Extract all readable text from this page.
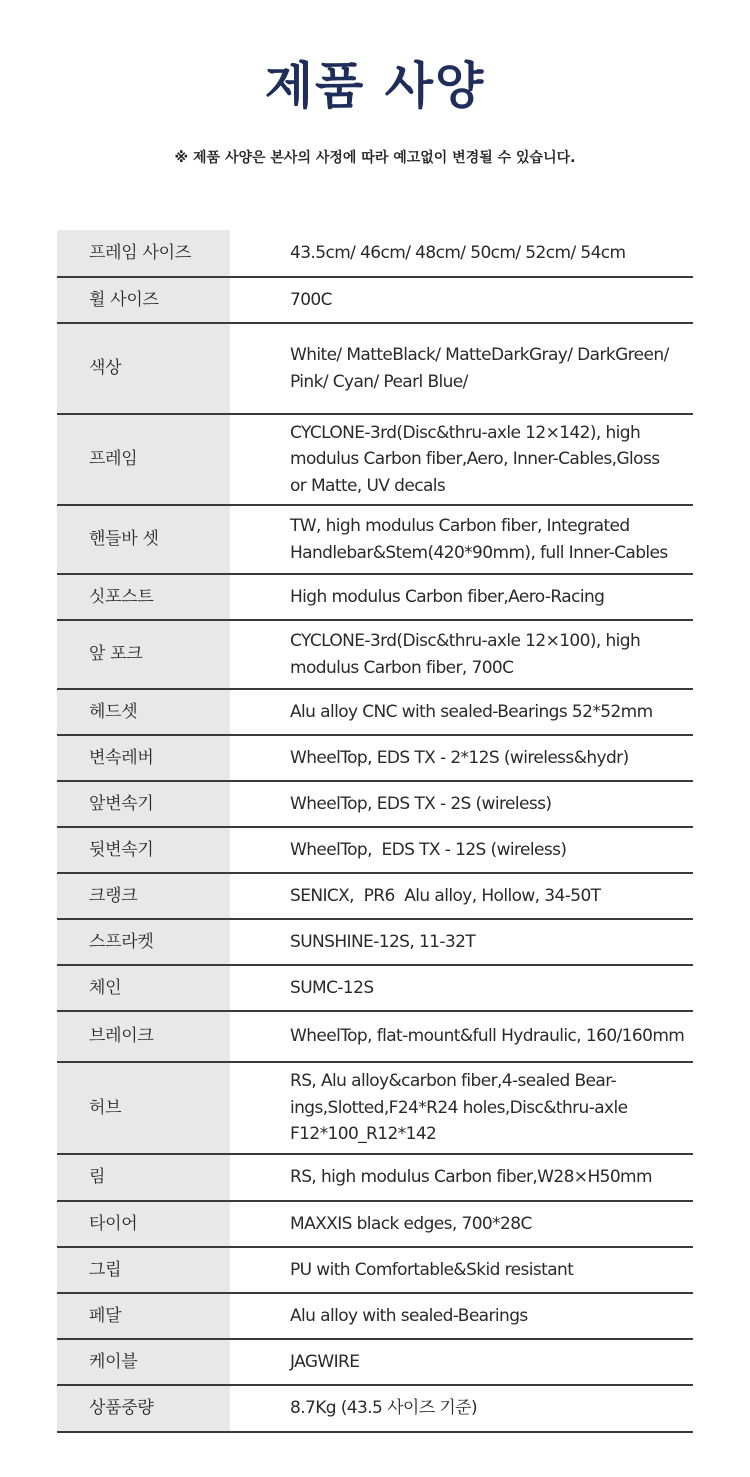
제품 사양
※ 제품 사양은 본사의 사정에 따라 예고없이 변경될 수 있습니다.
프레임 사이즈	43.5cm/ 46cm/ 48cm/ 50cm/ 52cm/ 54cm

휠 사이즈	700C

색상	White/ MatteBlack/ MatteDarkGray/ DarkGreen/
Pink/ Cyan/ Pearl Blue/

프레임	CYCLONE-3rd(Disc&thru-axle 12×142), high
modulus Carbon fiber,Aero, Inner-Cables,Gloss
or Matte, UV decals

핸들바 셋	TW, high modulus Carbon fiber, Integrated
Handlebar&Stem(420*90mm), full Inner-Cables

싯포스트	High modulus Carbon fiber,Aero-Racing

앞 포크	CYCLONE-3rd(Disc&thru-axle 12×100), high
modulus Carbon fiber, 700C

헤드셋	Alu alloy CNC with sealed-Bearings 52*52mm

변속레버	WheelTop, EDS TX - 2*12S (wireless&hydr)

앞변속기	WheelTop, EDS TX - 2S (wireless)

뒷변속기	WheelTop,  EDS TX - 12S (wireless)

크랭크	SENICX,  PR6  Alu alloy, Hollow, 34-50T

스프라켓	SUNSHINE-12S, 11-32T

체인	SUMC-12S

브레이크	WheelTop, flat-mount&full Hydraulic, 160/160mm

허브	RS, Alu alloy&carbon fiber,4-sealed Bear-
ings,Slotted,F24*R24 holes,Disc&thru-axle
F12*100_R12*142

림	RS, high modulus Carbon fiber,W28×H50mm

타이어	MAXXIS black edges, 700*28C

그립	PU with Comfortable&Skid resistant

페달	Alu alloy with sealed-Bearings

케이블	JAGWIRE

상품중량	8.7Kg (43.5 사이즈 기준)
